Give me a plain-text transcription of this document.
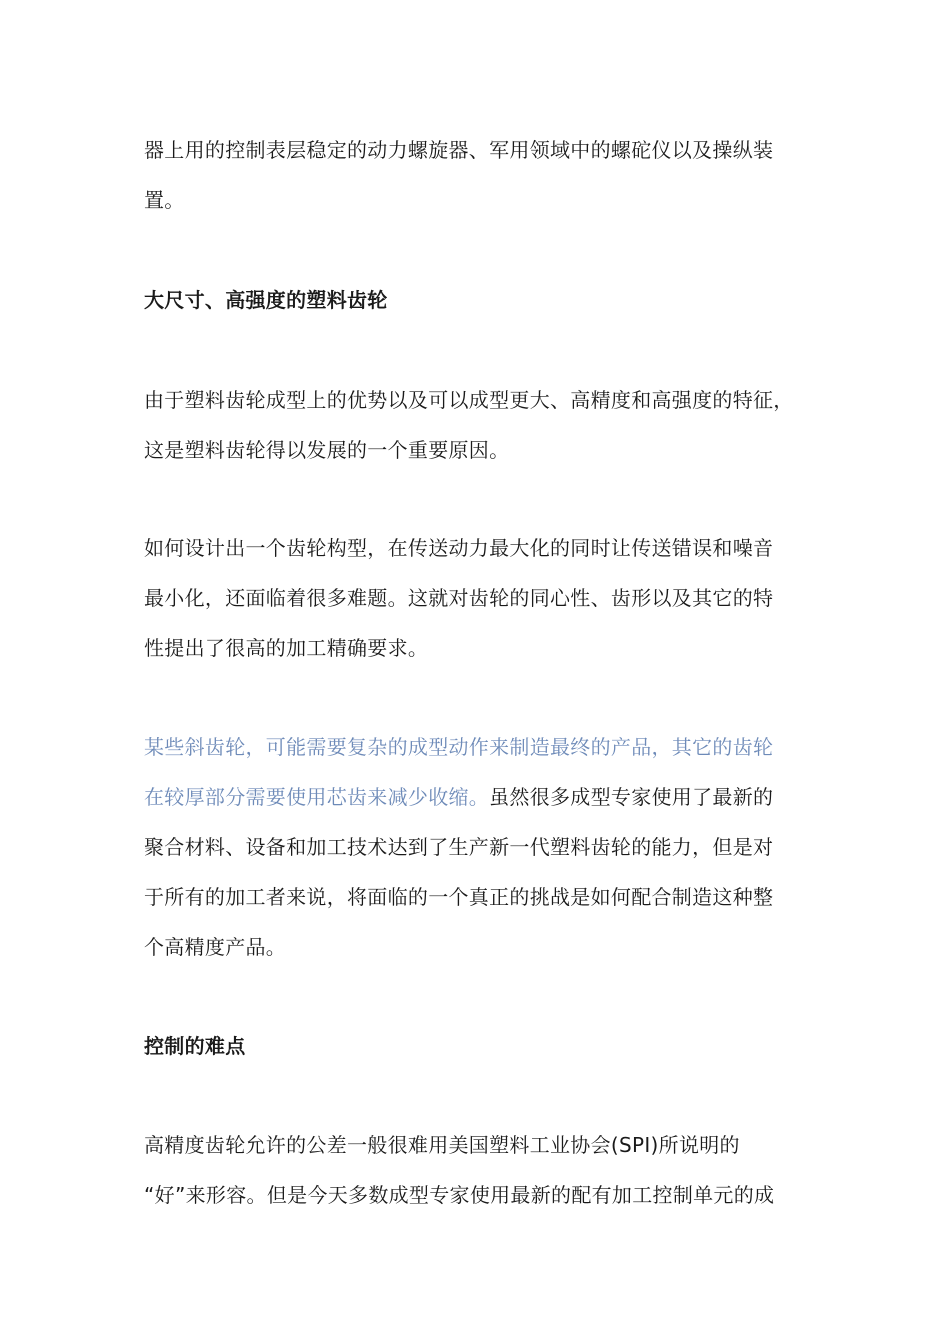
器上用的控制表层稳定的动力螺旋器、军用领域中的螺砣仪以及操纵装
置。

大尺寸、高强度的塑料齿轮

由于塑料齿轮成型上的优势以及可以成型更大、高精度和高强度的特征，
这是塑料齿轮得以发展的一个重要原因。

如何设计出一个齿轮构型，在传送动力最大化的同时让传送错误和噪音
最小化，还面临着很多难题。这就对齿轮的同心性、齿形以及其它的特
性提出了很高的加工精确要求。

某些斜齿轮，可能需要复杂的成型动作来制造最终的产品，其它的齿轮
在较厚部分需要使用芯齿来减少收缩。虽然很多成型专家使用了最新的
聚合材料、设备和加工技术达到了生产新一代塑料齿轮的能力，但是对
于所有的加工者来说，将面临的一个真正的挑战是如何配合制造这种整
个高精度产品。

控制的难点

高精度齿轮允许的公差一般很难用美国塑料工业协会(SPI)所说明的
“好”来形容。但是今天多数成型专家使用最新的配有加工控制单元的成
